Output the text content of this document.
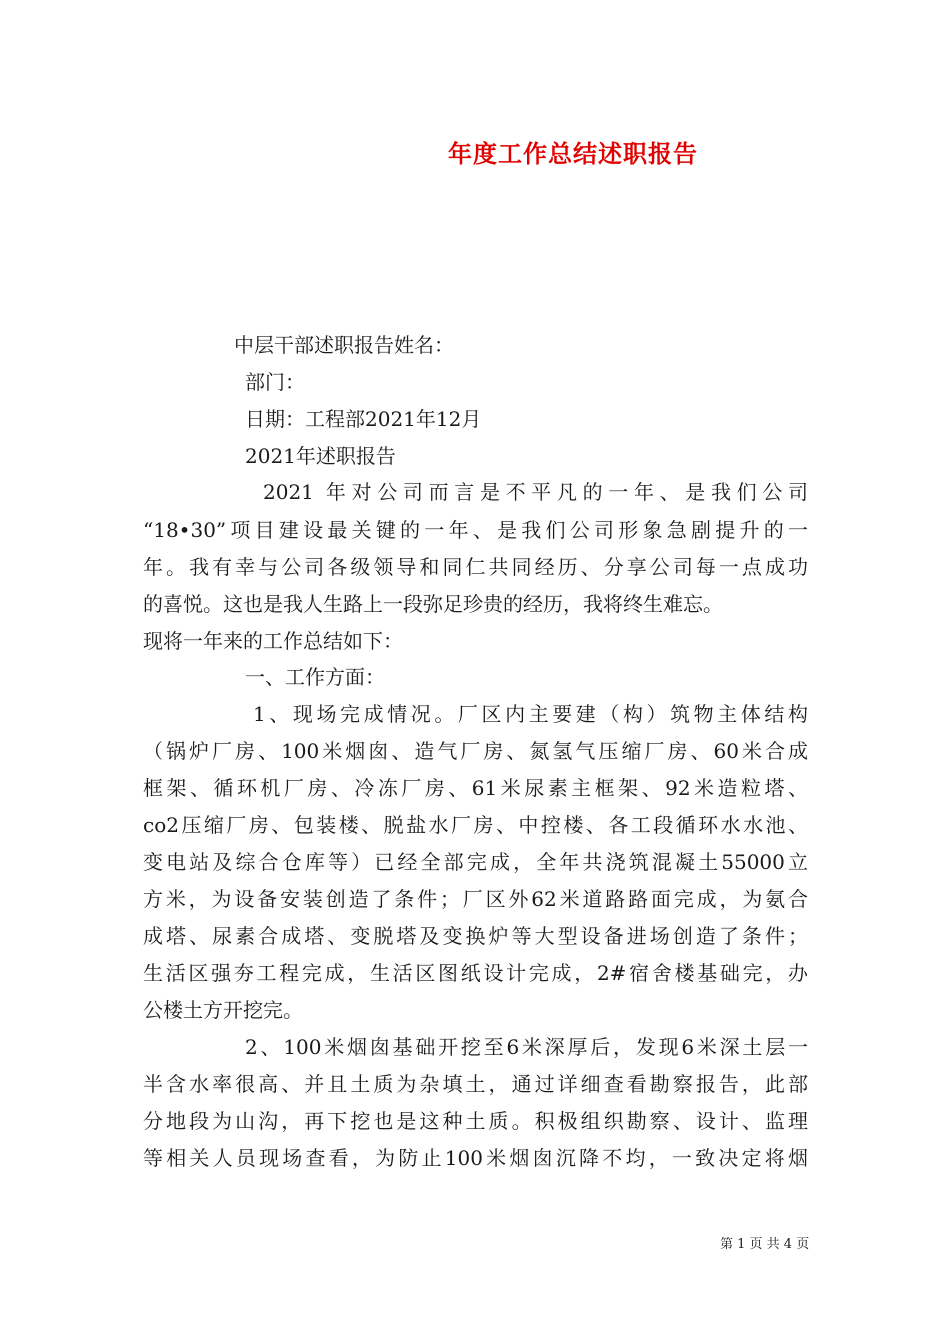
年度工作总结述职报告
中层干部述职报告姓名：
部门：
日期：工程部2021年12月
2021年述职报告
2021 年对公司而言是不平凡的一年、是我们公司
“18•30”项目建设最关键的一年、是我们公司形象急剧提升的一
年。我有幸与公司各级领导和同仁共同经历、分享公司每一点成功
的喜悦。这也是我人生路上一段弥足珍贵的经历，我将终生难忘。
现将一年来的工作总结如下：
一、工作方面：
1、现场完成情况。厂区内主要建（构）筑物主体结构
（锅炉厂房、100米烟囱、造气厂房、氮氢气压缩厂房、60米合成
框架、循环机厂房、冷冻厂房、61米尿素主框架、92米造粒塔、
co2压缩厂房、包装楼、脱盐水厂房、中控楼、各工段循环水水池、
变电站及综合仓库等）已经全部完成，全年共浇筑混凝土55000立
方米，为设备安装创造了条件；厂区外62米道路路面完成，为氨合
成塔、尿素合成塔、变脱塔及变换炉等大型设备进场创造了条件；
生活区强夯工程完成，生活区图纸设计完成，2#宿舍楼基础完，办
公楼土方开挖完。
2、100米烟囱基础开挖至6米深厚后，发现6米深土层一
半含水率很高、并且土质为杂填土，通过详细查看勘察报告，此部
分地段为山沟，再下挖也是这种土质。积极组织勘察、设计、监理
等相关人员现场查看，为防止100米烟囱沉降不均，一致决定将烟
第 1 页 共 4 页
